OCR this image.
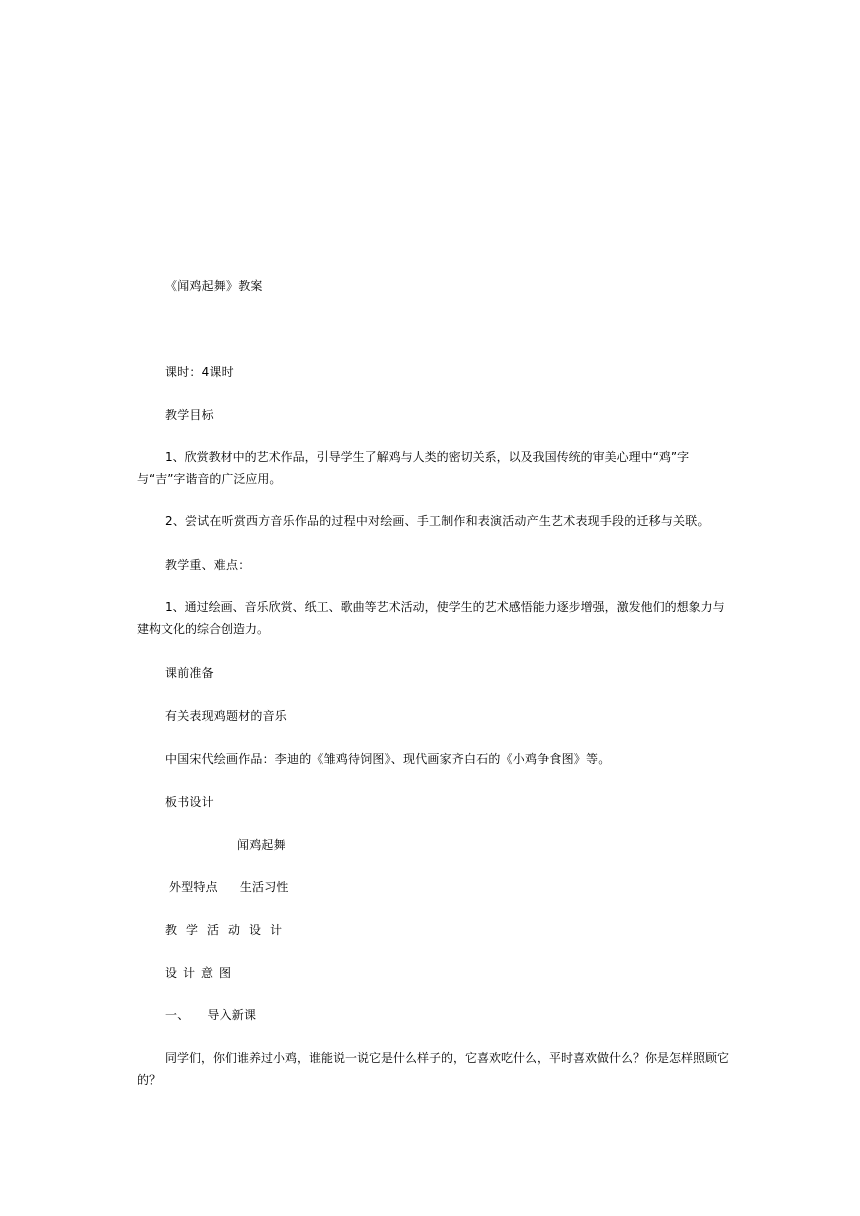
《闻鸡起舞》教案
课时：4课时
教学目标
1、欣赏教材中的艺术作品，引导学生了解鸡与人类的密切关系，以及我国传统的审美心理中“鸡”字与“吉”字谐音的广泛应用。
2、尝试在听赏西方音乐作品的过程中对绘画、手工制作和表演活动产生艺术表现手段的迁移与关联。
教学重、难点：
1、通过绘画、音乐欣赏、纸工、歌曲等艺术活动，使学生的艺术感悟能力逐步增强，激发他们的想象力与建构文化的综合创造力。
课前准备
有关表现鸡题材的音乐
中国宋代绘画作品：李迪的《雏鸡待饲图》、现代画家齐白石的《小鸡争食图》等。
板书设计
闻鸡起舞
外型特点 生活习性
教学活动设计
设计意图
一、 导入新课
同学们，你们谁养过小鸡，谁能说一说它是什么样子的，它喜欢吃什么，平时喜欢做什么？你是怎样照顾它的？
